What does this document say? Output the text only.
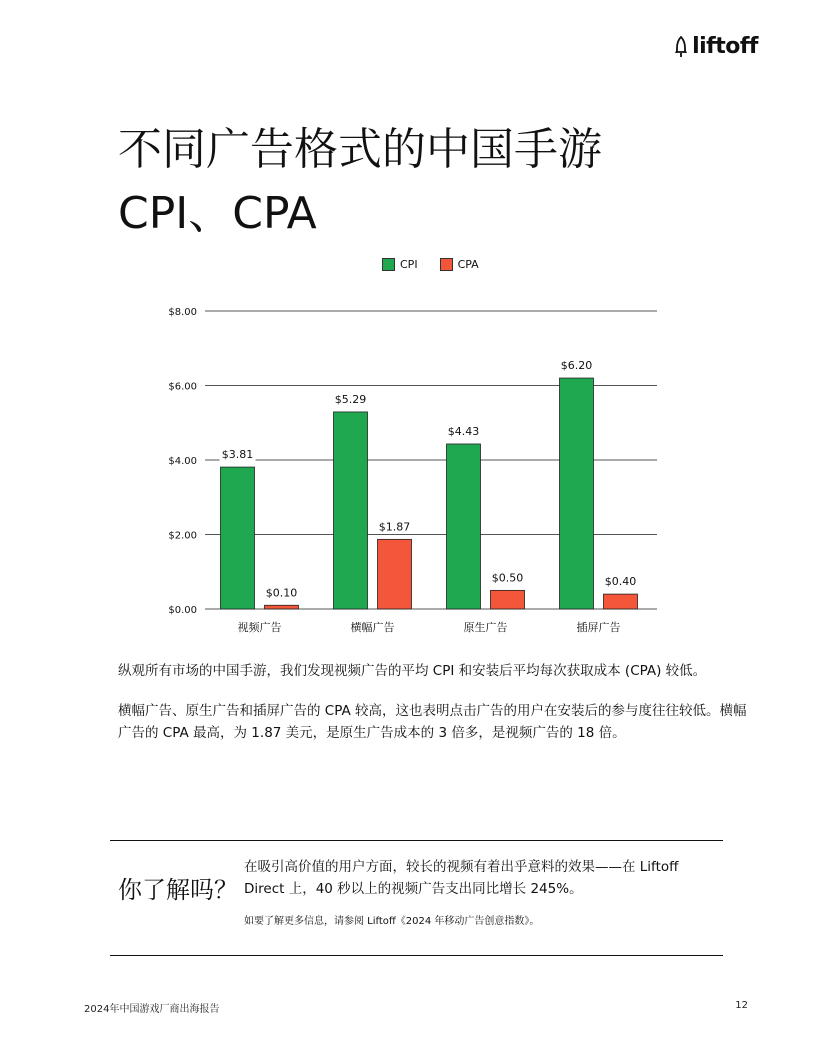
liftoff
不同广告格式的中国手游
CPI、CPA
CPI	CPA
$0.00
$2.00
$4.00
$6.00
$8.00
$3.81
$0.10
视频广告
$5.29
$1.87
横幅广告
$4.43
$0.50
原生广告
$6.20
$0.40
插屏广告
纵观所有市场的中国手游，我们发现视频广告的平均 CPI 和安装后平均每次获取成本 (CPA) 较低。
横幅广告、原生广告和插屏广告的 CPA 较高，这也表明点击广告的用户在安装后的参与度往往较低。横幅广告的 CPA 最高，为 1.87 美元，是原生广告成本的 3 倍多，是视频广告的 18 倍。
你了解吗？
在吸引高价值的用户方面，较长的视频有着出乎意料的效果——在 Liftoff Direct 上，40 秒以上的视频广告支出同比增长 245%。
如要了解更多信息，请参阅 Liftoff《2024 年移动广告创意指数》。
2024年中国游戏厂商出海报告	12
